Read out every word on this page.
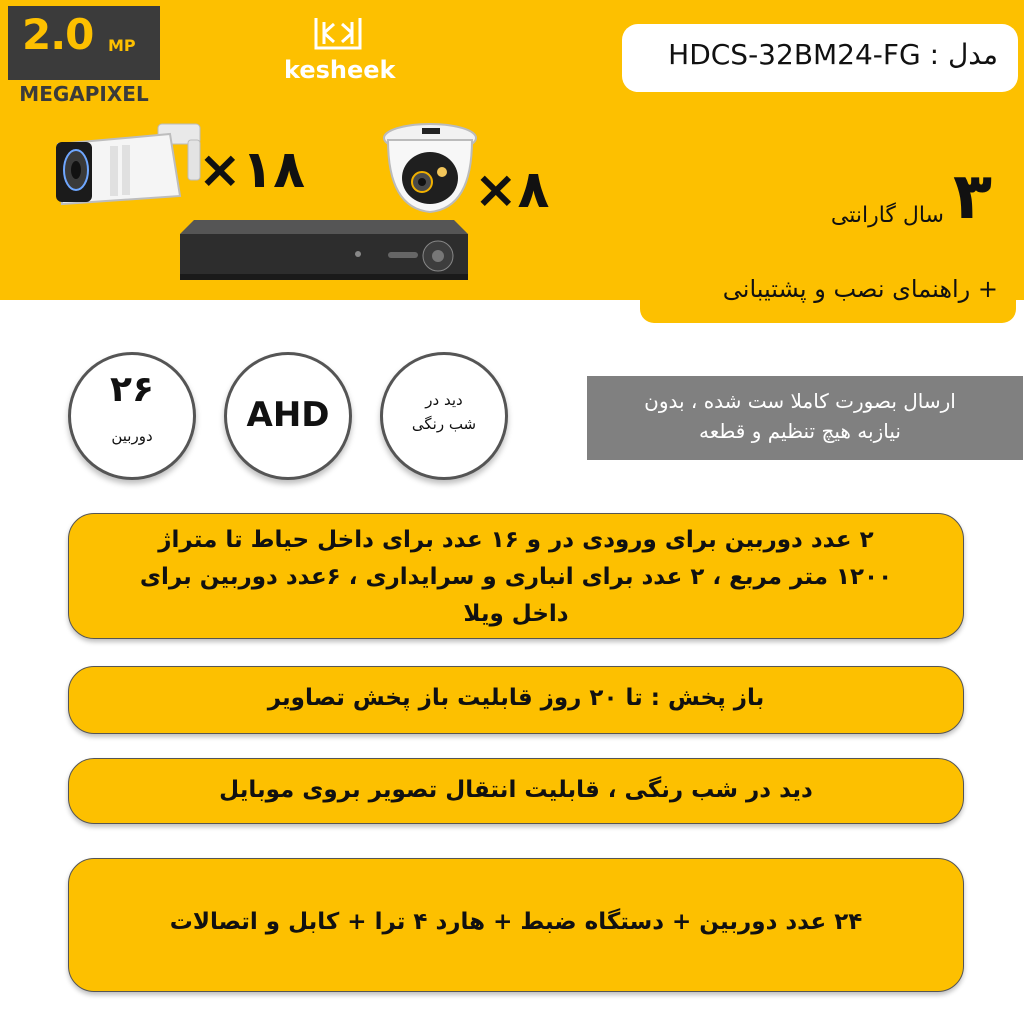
2.0 MP
MEGAPIXEL
kesheek	مدل : HDCS-32BM24-FG
×۱۸	×۸	۳
سال گارانتی
+ راهنمای نصب و پشتیبانی
۲۶
دوربین
AHD	دید در
شب رنگی
ارسال بصورت کاملا ست شده ، بدون
نیازبه هیچ تنظیم و قطعه
۲ عدد دوربین برای ورودی در و ۱۶ عدد برای داخل حیاط تا متراژ
۱۲۰۰ متر مربع ، ۲ عدد برای انباری و سرایداری ، ۶عدد دوربین برای
داخل ویلا
باز پخش : تا ۲۰ روز قابلیت باز پخش تصاویر
دید در شب رنگی ، قابلیت انتقال تصویر بروی موبایل
۲۴ عدد دوربین + دستگاه ضبط + هارد ۴ ترا + کابل و اتصالات
